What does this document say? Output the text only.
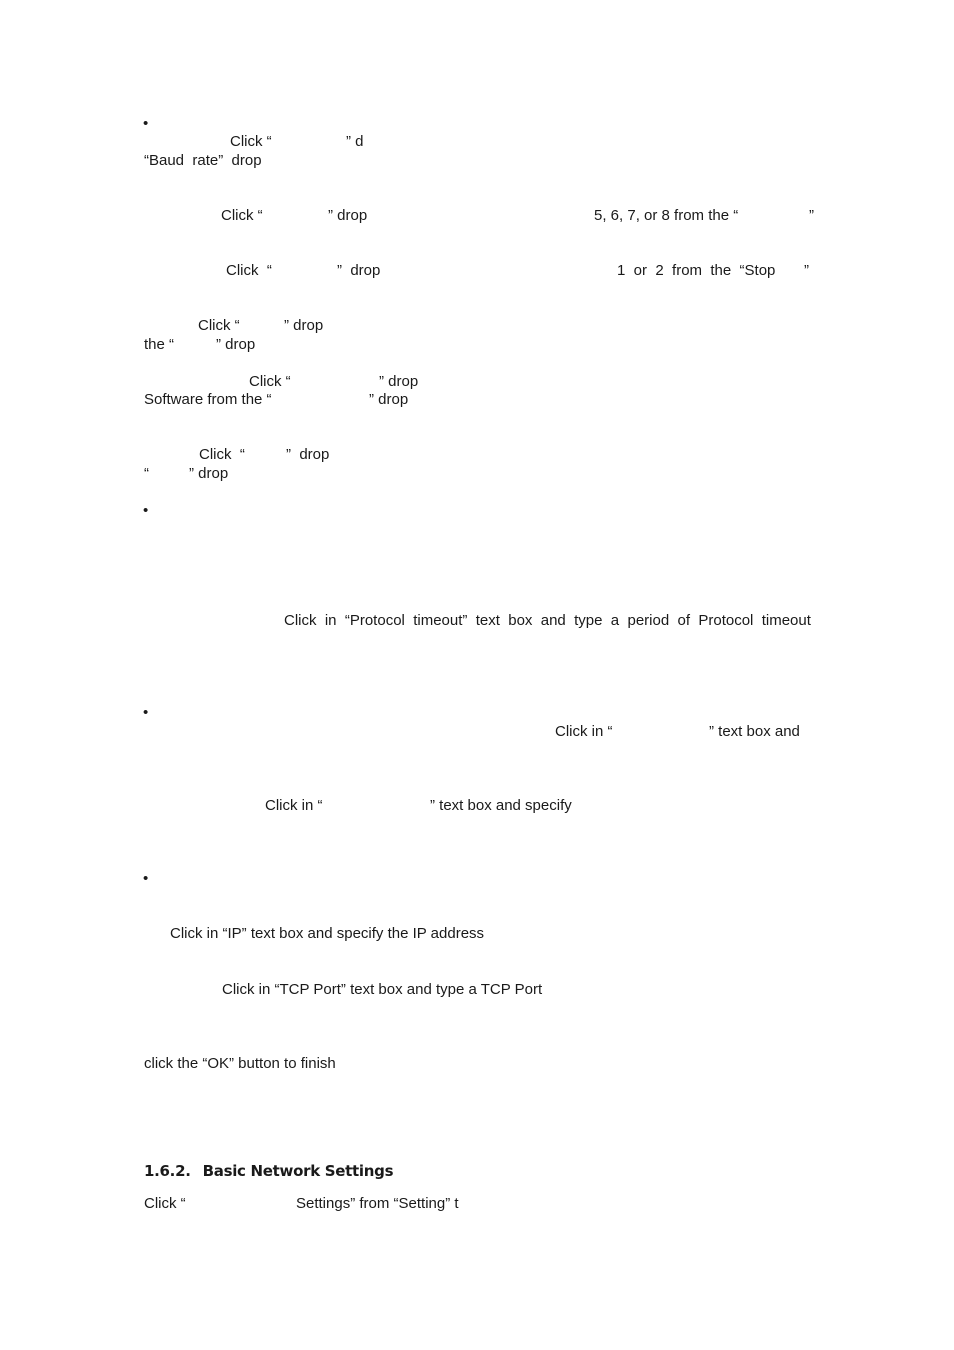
•
Click “	” d
“Baud  rate”  drop
Click “	” drop	5, 6, 7, or 8 from the “	”
Click  “	”  drop	1  or  2  from  the  “Stop ”
Click “	” drop
the “	” drop
Click “	” drop
Software from the “	” drop
Click  “	”  drop
“	” drop
•
Click  in  “Protocol  timeout”  text  box  and  type  a  period  of  Protocol  timeout
•
Click in “	” text box and
Click in “	” text box and specify
•
Click in “IP” text box and specify the IP address
Click in “TCP Port” text box and type a TCP Port
click the “OK” button to finish
1.6.2. Basic Network Settings
Click “	Settings” from “Setting” t
